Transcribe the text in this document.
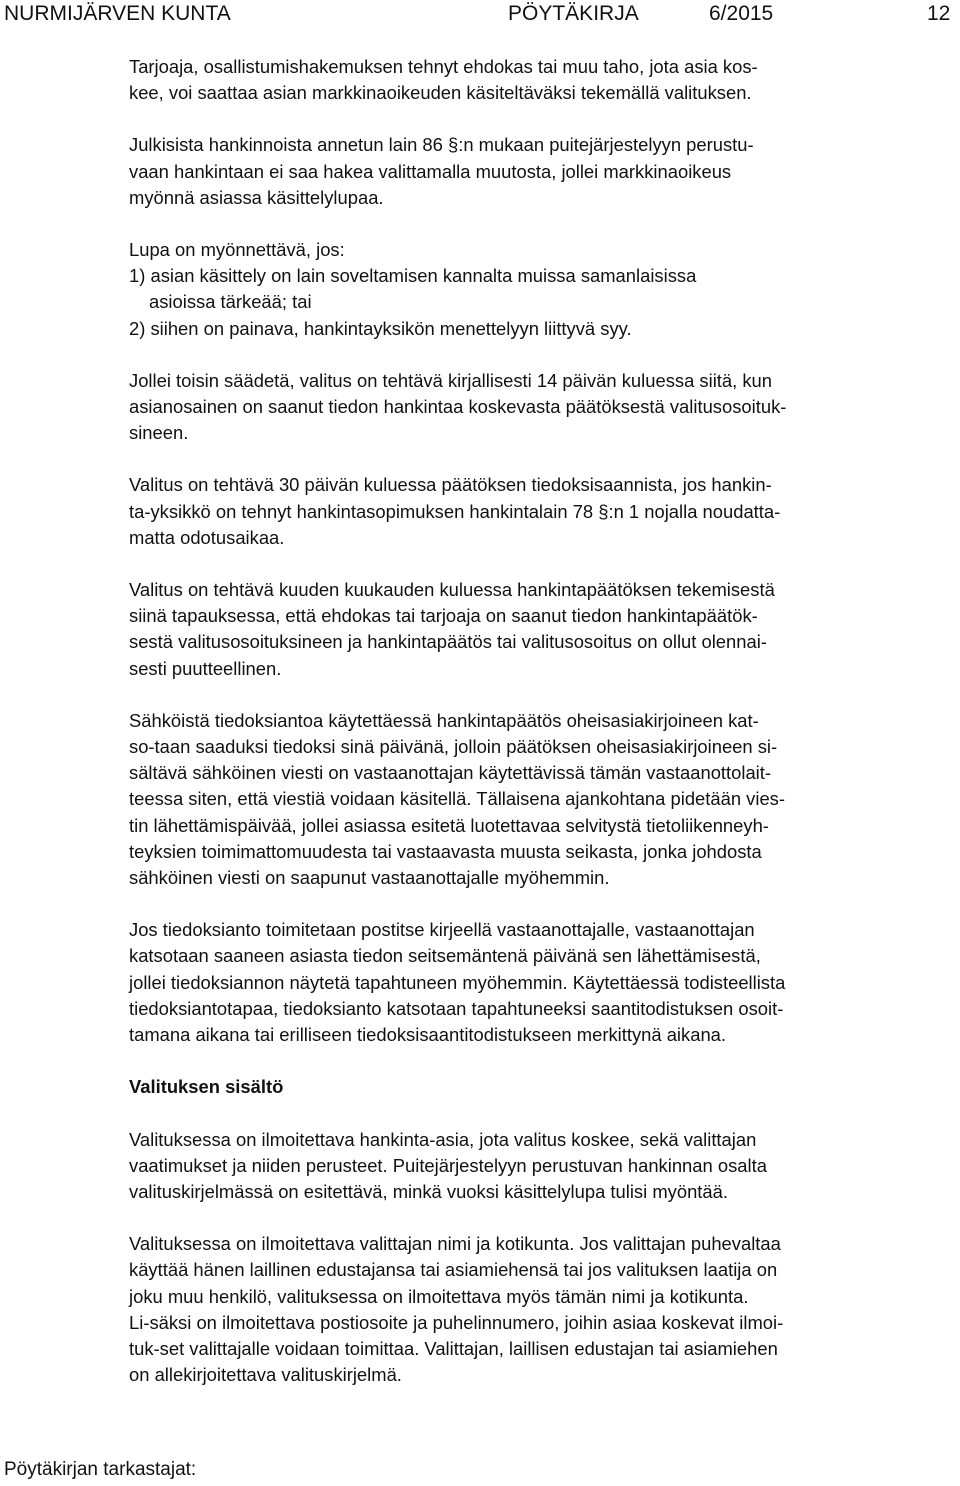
NURMIJÄRVEN KUNTA	PÖYTÄKIRJA	6/2015	12
Tarjoaja, osallistumishakemuksen tehnyt ehdokas tai muu taho, jota asia kos-
kee, voi saattaa asian markkinaoikeuden käsiteltäväksi tekemällä valituksen.
Julkisista hankinnoista annetun lain 86 §:n mukaan puitejärjestelyyn perustu-
vaan hankintaan ei saa hakea valittamalla muutosta, jollei markkinaoikeus
myönnä asiassa käsittelylupaa.
Lupa on myönnettävä, jos:
1) asian käsittely on lain soveltamisen kannalta muissa samanlaisissa
asioissa tärkeää; tai
2) siihen on painava, hankintayksikön menettelyyn liittyvä syy.
Jollei toisin säädetä, valitus on tehtävä kirjallisesti 14 päivän kuluessa siitä, kun
asianosainen on saanut tiedon hankintaa koskevasta päätöksestä valitusosoituk-
sineen.
Valitus on tehtävä 30 päivän kuluessa päätöksen tiedoksisaannista, jos hankin-
ta-yksikkö on tehnyt hankintasopimuksen hankintalain 78 §:n 1 nojalla noudatta-
matta odotusaikaa.
Valitus on tehtävä kuuden kuukauden kuluessa hankintapäätöksen tekemisestä
siinä tapauksessa, että ehdokas tai tarjoaja on saanut tiedon hankintapäätök-
sestä valitusosoituksineen ja hankintapäätös tai valitusosoitus on ollut olennai-
sesti puutteellinen.
Sähköistä tiedoksiantoa käytettäessä hankintapäätös oheisasiakirjoineen kat-
so-taan saaduksi tiedoksi sinä päivänä, jolloin päätöksen oheisasiakirjoineen si-
sältävä sähköinen viesti on vastaanottajan käytettävissä tämän vastaanottolait-
teessa siten, että viestiä voidaan käsitellä. Tällaisena ajankohtana pidetään vies-
tin lähettämispäivää, jollei asiassa esitetä luotettavaa selvitystä tietoliikenneyh-
teyksien toimimattomuudesta tai vastaavasta muusta seikasta, jonka johdosta
sähköinen viesti on saapunut vastaanottajalle myöhemmin.
Jos tiedoksianto toimitetaan postitse kirjeellä vastaanottajalle, vastaanottajan
katsotaan saaneen asiasta tiedon seitsemäntenä päivänä sen lähettämisestä,
jollei tiedoksiannon näytetä tapahtuneen myöhemmin. Käytettäessä todisteellista
tiedoksiantotapaa, tiedoksianto katsotaan tapahtuneeksi saantitodistuksen osoit-
tamana aikana tai erilliseen tiedoksisaantitodistukseen merkittynä aikana.
Valituksen sisältö
Valituksessa on ilmoitettava hankinta-asia, jota valitus koskee, sekä valittajan
vaatimukset ja niiden perusteet. Puitejärjestelyyn perustuvan hankinnan osalta
valituskirjelmässä on esitettävä, minkä vuoksi käsittelylupa tulisi myöntää.
Valituksessa on ilmoitettava valittajan nimi ja kotikunta. Jos valittajan puhevaltaa
käyttää hänen laillinen edustajansa tai asiamiehensä tai jos valituksen laatija on
joku muu henkilö, valituksessa on ilmoitettava myös tämän nimi ja kotikunta.
Li-säksi on ilmoitettava postiosoite ja puhelinnumero, joihin asiaa koskevat ilmoi-
tuk-set valittajalle voidaan toimittaa. Valittajan, laillisen edustajan tai asiamiehen
on allekirjoitettava valituskirjelmä.
Pöytäkirjan tarkastajat:
